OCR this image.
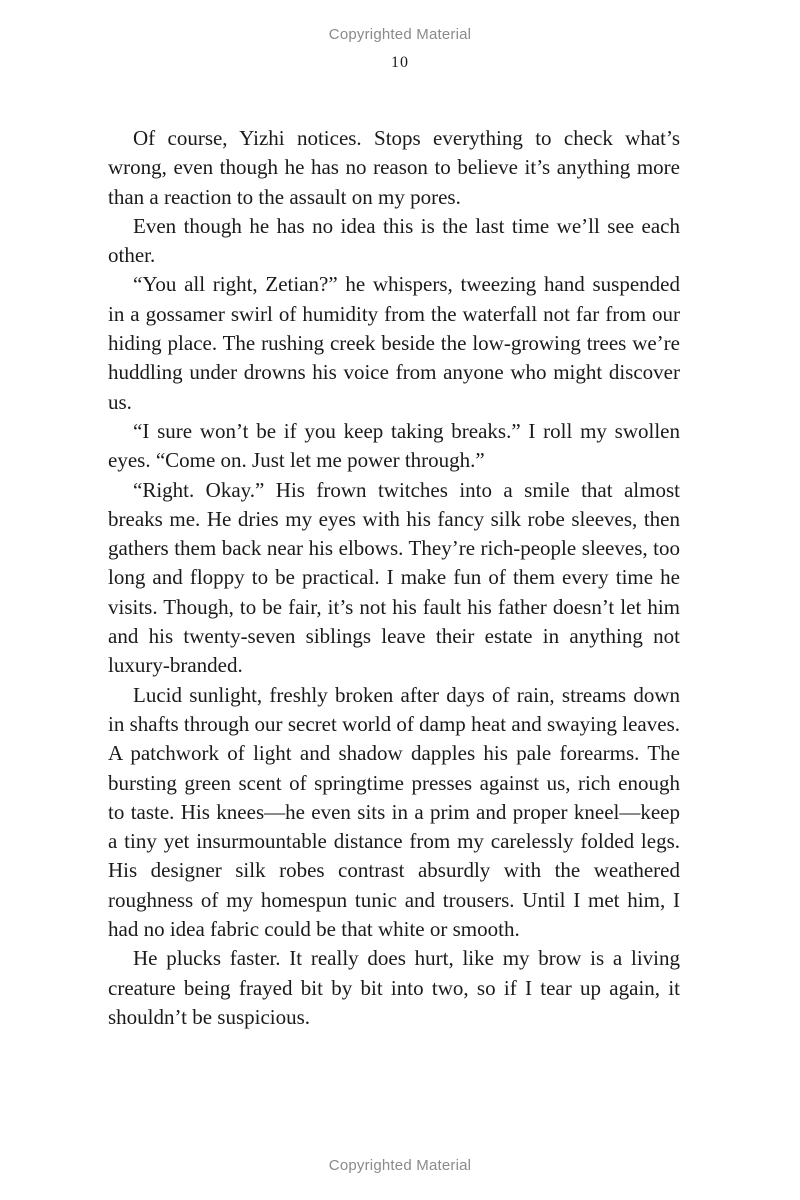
Copyrighted Material
10

Of course, Yizhi notices. Stops everything to check what’s wrong, even though he has no reason to believe it’s anything more than a reaction to the assault on my pores.

Even though he has no idea this is the last time we’ll see each other.

“You all right, Zetian?” he whispers, tweezing hand suspended in a gossamer swirl of humidity from the waterfall not far from our hiding place. The rushing creek beside the low-growing trees we’re huddling under drowns his voice from anyone who might discover us.

“I sure won’t be if you keep taking breaks.” I roll my swollen eyes. “Come on. Just let me power through.”

“Right. Okay.” His frown twitches into a smile that almost breaks me. He dries my eyes with his fancy silk robe sleeves, then gathers them back near his elbows. They’re rich-people sleeves, too long and floppy to be practical. I make fun of them every time he visits. Though, to be fair, it’s not his fault his father doesn’t let him and his twenty-seven siblings leave their estate in anything not luxury-branded.

Lucid sunlight, freshly broken after days of rain, streams down in shafts through our secret world of damp heat and swaying leaves. A patchwork of light and shadow dapples his pale forearms. The bursting green scent of springtime presses against us, rich enough to taste. His knees—he even sits in a prim and proper kneel—keep a tiny yet insurmountable distance from my carelessly folded legs. His designer silk robes contrast absurdly with the weathered roughness of my homespun tunic and trousers. Until I met him, I had no idea fabric could be that white or smooth.

He plucks faster. It really does hurt, like my brow is a living creature being frayed bit by bit into two, so if I tear up again, it shouldn’t be suspicious.

Copyrighted Material
